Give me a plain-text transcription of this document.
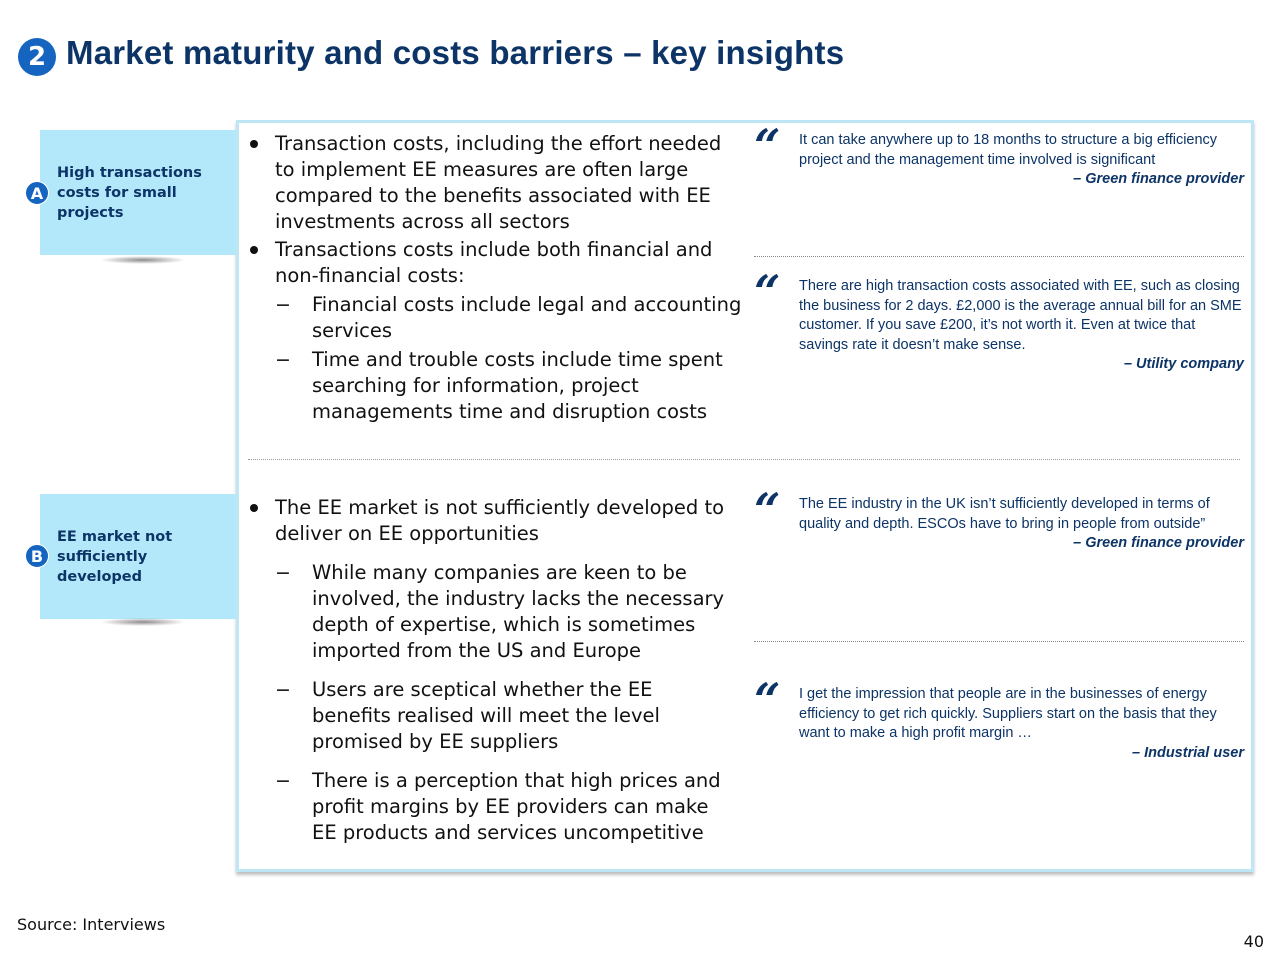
2 Market maturity and costs barriers – key insights
High transactions costs for small projects
A
EE market not sufficiently developed
B
Transaction costs, including the effort needed to implement EE measures are often large compared to the benefits associated with EE investments across all sectors
Transactions costs include both financial and non-financial costs:
− Financial costs include legal and accounting services
− Time and trouble costs include time spent searching for information, project managements time and disruption costs
“ It can take anywhere up to 18 months to structure a big efficiency project and the management time involved is significant
– Green finance provider
“ There are high transaction costs associated with EE, such as closing the business for 2 days. £2,000 is the average annual bill for an SME customer. If you save £200, it’s not worth it. Even at twice that savings rate it doesn’t make sense.
– Utility company
The EE market is not sufficiently developed to deliver on EE opportunities
− While many companies are keen to be involved, the industry lacks the necessary depth of expertise, which is sometimes imported from the US and Europe
− Users are sceptical whether the EE benefits realised will meet the level promised by EE suppliers
− There is a perception that high prices and profit margins by EE providers can make EE products and services uncompetitive
“ The EE industry in the UK isn’t sufficiently developed in terms of quality and depth. ESCOs have to bring in people from outside”
– Green finance provider
“ I get the impression that people are in the businesses of energy efficiency to get rich quickly. Suppliers start on the basis that they want to make a high profit margin …
– Industrial user
Source: Interviews
40
